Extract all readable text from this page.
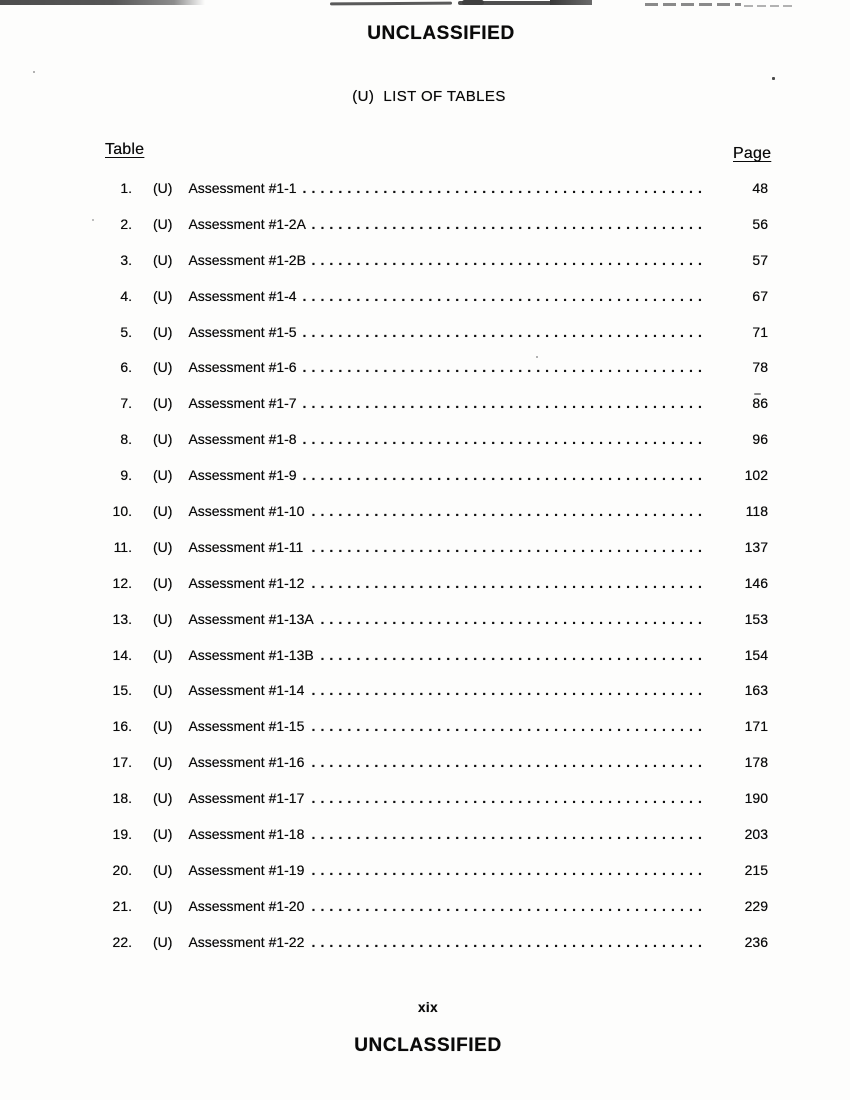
UNCLASSIFIED
(U)  LIST OF TABLES
Table	Page
1. (U) Assessment #1-1 .....	48
2. (U) Assessment #1-2A .....	56
3. (U) Assessment #1-2B .....	57
4. (U) Assessment #1-4 .....	67
5. (U) Assessment #1-5 .....	71
6. (U) Assessment #1-6 .....	78
7. (U) Assessment #1-7 .....	86
8. (U) Assessment #1-8 .....	96
9. (U) Assessment #1-9 .....	102
10. (U) Assessment #1-10 .....	118
11. (U) Assessment #1-11 .....	137
12. (U) Assessment #1-12 .....	146
13. (U) Assessment #1-13A .....	153
14. (U) Assessment #1-13B .....	154
15. (U) Assessment #1-14 .....	163
16. (U) Assessment #1-15 .....	171
17. (U) Assessment #1-16 .....	178
18. (U) Assessment #1-17 .....	190
19. (U) Assessment #1-18 .....	203
20. (U) Assessment #1-19 .....	215
21. (U) Assessment #1-20 .....	229
22. (U) Assessment #1-22 .....	236
xix
UNCLASSIFIED
